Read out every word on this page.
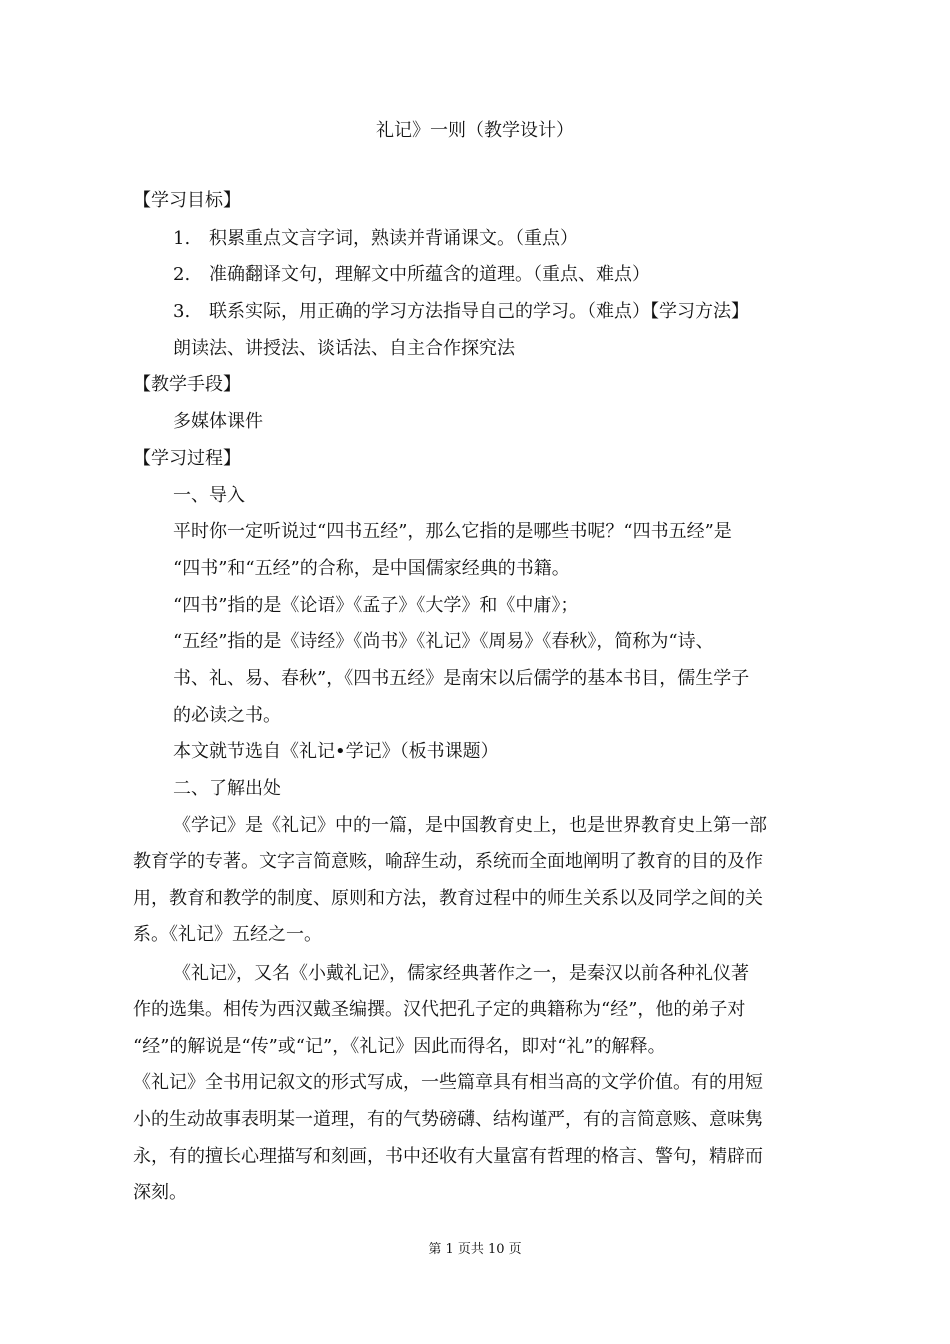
礼记》一则（教学设计）
【学习目标】
1. 积累重点文言字词，熟读并背诵课文。（重点）
2. 准确翻译文句，理解文中所蕴含的道理。（重点、难点）
3. 联系实际，用正确的学习方法指导自己的学习。（难点）【学习方法】
朗读法、讲授法、谈话法、自主合作探究法
【教学手段】
多媒体课件
【学习过程】
一、导入
平时你一定听说过“四书五经”，那么它指的是哪些书呢？“四书五经”是
“四书”和“五经”的合称，是中国儒家经典的书籍。
“四书”指的是《论语》《孟子》《大学》和《中庸》；
“五经”指的是《诗经》《尚书》《礼记》《周易》《春秋》，简称为“诗、
书、礼、易、春秋”，《四书五经》是南宋以后儒学的基本书目，儒生学子
的必读之书。
本文就节选自《礼记•学记》（板书课题）
二、了解出处
《学记》是《礼记》中的一篇，是中国教育史上，也是世界教育史上第一部
教育学的专著。文字言简意赅，喻辞生动，系统而全面地阐明了教育的目的及作
用，教育和教学的制度、原则和方法，教育过程中的师生关系以及同学之间的关
系。《礼记》五经之一。
《礼记》，又名《小戴礼记》，儒家经典著作之一，是秦汉以前各种礼仪著
作的选集。相传为西汉戴圣编撰。汉代把孔子定的典籍称为“经”，他的弟子对
“经”的解说是“传”或“记”，《礼记》因此而得名，即对“礼”的解释。
《礼记》全书用记叙文的形式写成，一些篇章具有相当高的文学价值。有的用短
小的生动故事表明某一道理，有的气势磅礴、结构谨严，有的言简意赅、意味隽
永，有的擅长心理描写和刻画，书中还收有大量富有哲理的格言、警句，精辟而
深刻。
第 1 页共 10 页
